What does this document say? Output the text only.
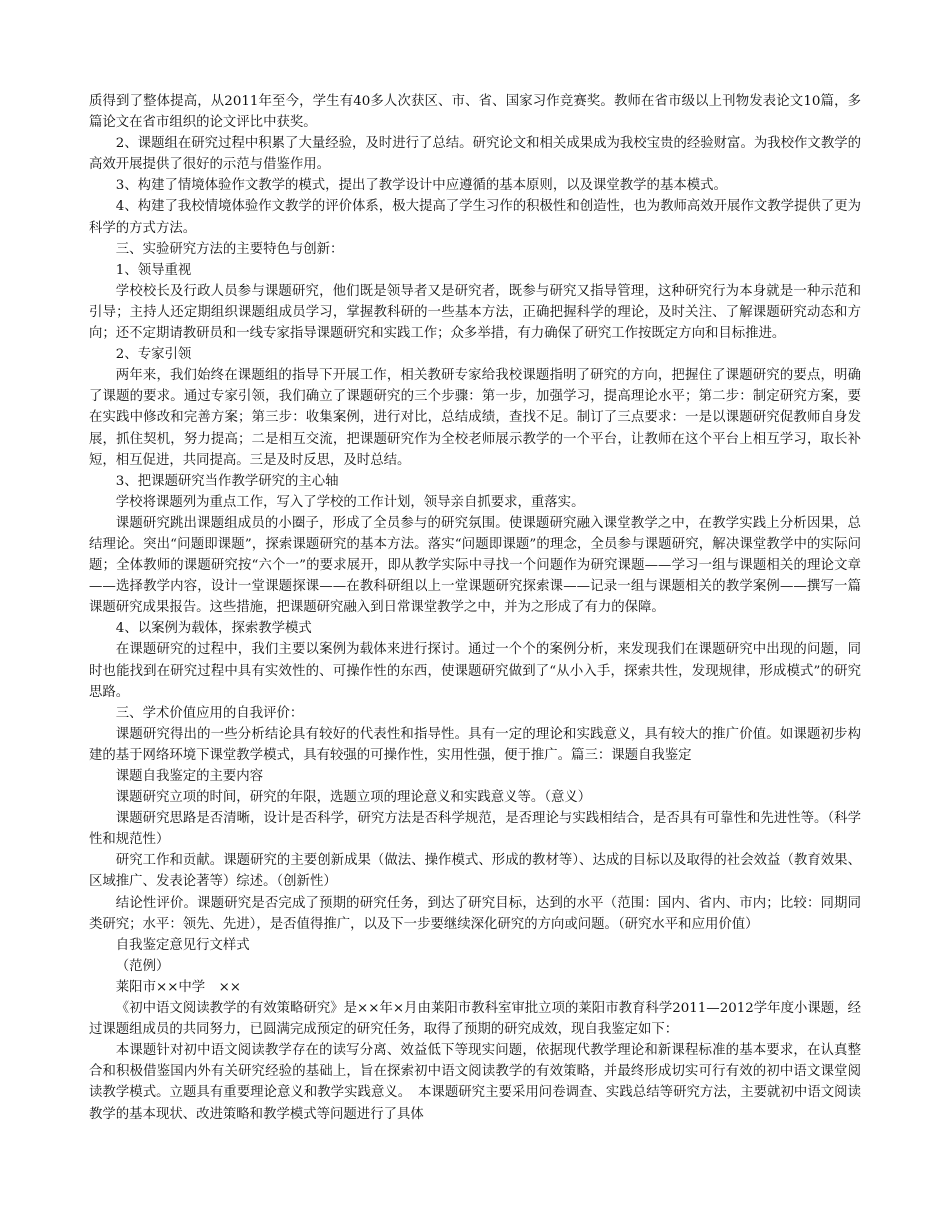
质得到了整体提高，从2011年至今，学生有40多人次获区、市、省、国家习作竞赛奖。教师在省市级以上刊物发表论文10篇，多篇论文在省市组织的论文评比中获奖。

2、课题组在研究过程中积累了大量经验，及时进行了总结。研究论文和相关成果成为我校宝贵的经验财富。为我校作文教学的高效开展提供了很好的示范与借鉴作用。

3、构建了情境体验作文教学的模式，提出了教学设计中应遵循的基本原则，以及课堂教学的基本模式。

4、构建了我校情境体验作文教学的评价体系，极大提高了学生习作的积极性和创造性，也为教师高效开展作文教学提供了更为科学的方式方法。

三、实验研究方法的主要特色与创新：

1、领导重视

学校校长及行政人员参与课题研究，他们既是领导者又是研究者，既参与研究又指导管理，这种研究行为本身就是一种示范和引导；主持人还定期组织课题组成员学习，掌握教科研的一些基本方法，正确把握科学的理论，及时关注、了解课题研究动态和方向；还不定期请教研员和一线专家指导课题研究和实践工作；众多举措，有力确保了研究工作按既定方向和目标推进。

2、专家引领

两年来，我们始终在课题组的指导下开展工作，相关教研专家给我校课题指明了研究的方向，把握住了课题研究的要点，明确了课题的要求。通过专家引领，我们确立了课题研究的三个步骤：第一步，加强学习，提高理论水平；第二步：制定研究方案，要在实践中修改和完善方案；第三步：收集案例，进行对比，总结成绩，查找不足。制订了三点要求：一是以课题研究促教师自身发展，抓住契机，努力提高；二是相互交流，把课题研究作为全校老师展示教学的一个平台，让教师在这个平台上相互学习，取长补短，相互促进，共同提高。三是及时反思，及时总结。

3、把课题研究当作教学研究的主心轴

学校将课题列为重点工作，写入了学校的工作计划，领导亲自抓要求，重落实。

课题研究跳出课题组成员的小圈子，形成了全员参与的研究氛围。使课题研究融入课堂教学之中，在教学实践上分析因果，总结理论。突出“问题即课题”，探索课题研究的基本方法。落实“问题即课题”的理念，全员参与课题研究，解决课堂教学中的实际问题；全体教师的课题研究按“六个一”的要求展开，即从教学实际中寻找一个问题作为研究课题——学习一组与课题相关的理论文章——选择教学内容，设计一堂课题探课——在教科研组以上一堂课题研究探索课——记录一组与课题相关的教学案例——撰写一篇课题研究成果报告。这些措施，把课题研究融入到日常课堂教学之中，并为之形成了有力的保障。

4、以案例为载体，探索教学模式

在课题研究的过程中，我们主要以案例为载体来进行探讨。通过一个个的案例分析，来发现我们在课题研究中出现的问题，同时也能找到在研究过程中具有实效性的、可操作性的东西，使课题研究做到了“从小入手，探索共性，发现规律，形成模式”的研究思路。

三、学术价值应用的自我评价：

课题研究得出的一些分析结论具有较好的代表性和指导性。具有一定的理论和实践意义，具有较大的推广价值。如课题初步构建的基于网络环境下课堂教学模式，具有较强的可操作性，实用性强，便于推广。篇三：课题自我鉴定

课题自我鉴定的主要内容

课题研究立项的时间，研究的年限，选题立项的理论意义和实践意义等。（意义）

课题研究思路是否清晰，设计是否科学，研究方法是否科学规范，是否理论与实践相结合，是否具有可靠性和先进性等。（科学性和规范性）

研究工作和贡献。课题研究的主要创新成果（做法、操作模式、形成的教材等）、达成的目标以及取得的社会效益（教育效果、区域推广、发表论著等）综述。（创新性）

结论性评价。课题研究是否完成了预期的研究任务，到达了研究目标，达到的水平（范围：国内、省内、市内；比较：同期同类研究；水平：领先、先进），是否值得推广，以及下一步要继续深化研究的方向或问题。（研究水平和应用价值）

自我鉴定意见行文样式

（范例）

莱阳市××中学　××

《初中语文阅读教学的有效策略研究》是××年×月由莱阳市教科室审批立项的莱阳市教育科学2011—2012学年度小课题，经过课题组成员的共同努力，已圆满完成预定的研究任务，取得了预期的研究成效，现自我鉴定如下：

本课题针对初中语文阅读教学存在的读写分离、效益低下等现实问题，依据现代教学理论和新课程标准的基本要求，在认真整合和积极借鉴国内外有关研究经验的基础上，旨在探索初中语文阅读教学的有效策略，并最终形成切实可行有效的初中语文课堂阅读教学模式。立题具有重要理论意义和教学实践意义。　本课题研究主要采用问卷调查、实践总结等研究方法，主要就初中语文阅读教学的基本现状、改进策略和教学模式等问题进行了具体
